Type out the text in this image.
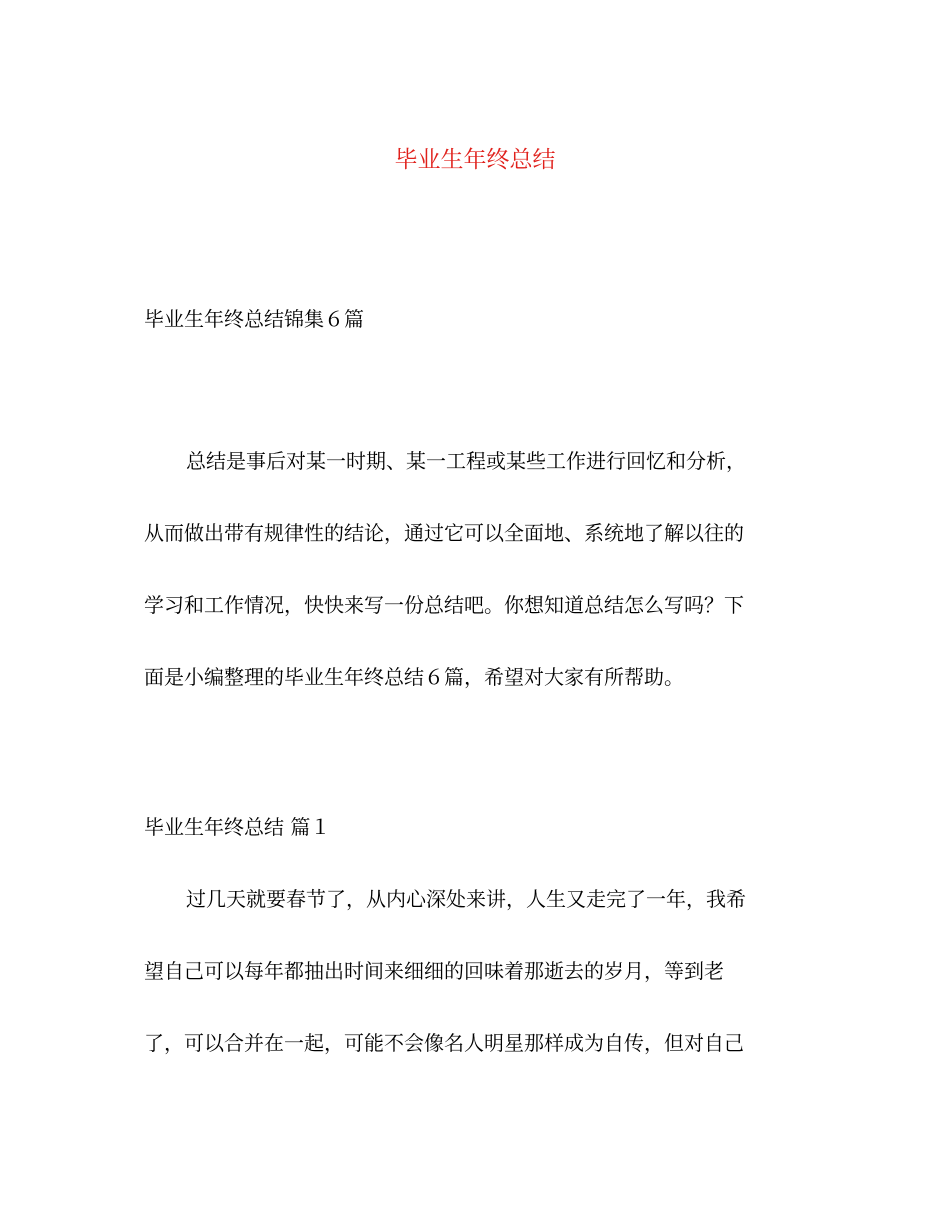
毕业生年终总结
毕业生年终总结锦集６篇
总结是事后对某一时期、某一工程或某些工作进行回忆和分析，
从而做出带有规律性的结论，通过它可以全面地、系统地了解以往的
学习和工作情况，快快来写一份总结吧。你想知道总结怎么写吗？下
面是小编整理的毕业生年终总结６篇，希望对大家有所帮助。
毕业生年终总结 篇１
过几天就要春节了，从内心深处来讲，人生又走完了一年，我希
望自己可以每年都抽出时间来细细的回味着那逝去的岁月，等到老
了，可以合并在一起，可能不会像名人明星那样成为自传，但对自己
